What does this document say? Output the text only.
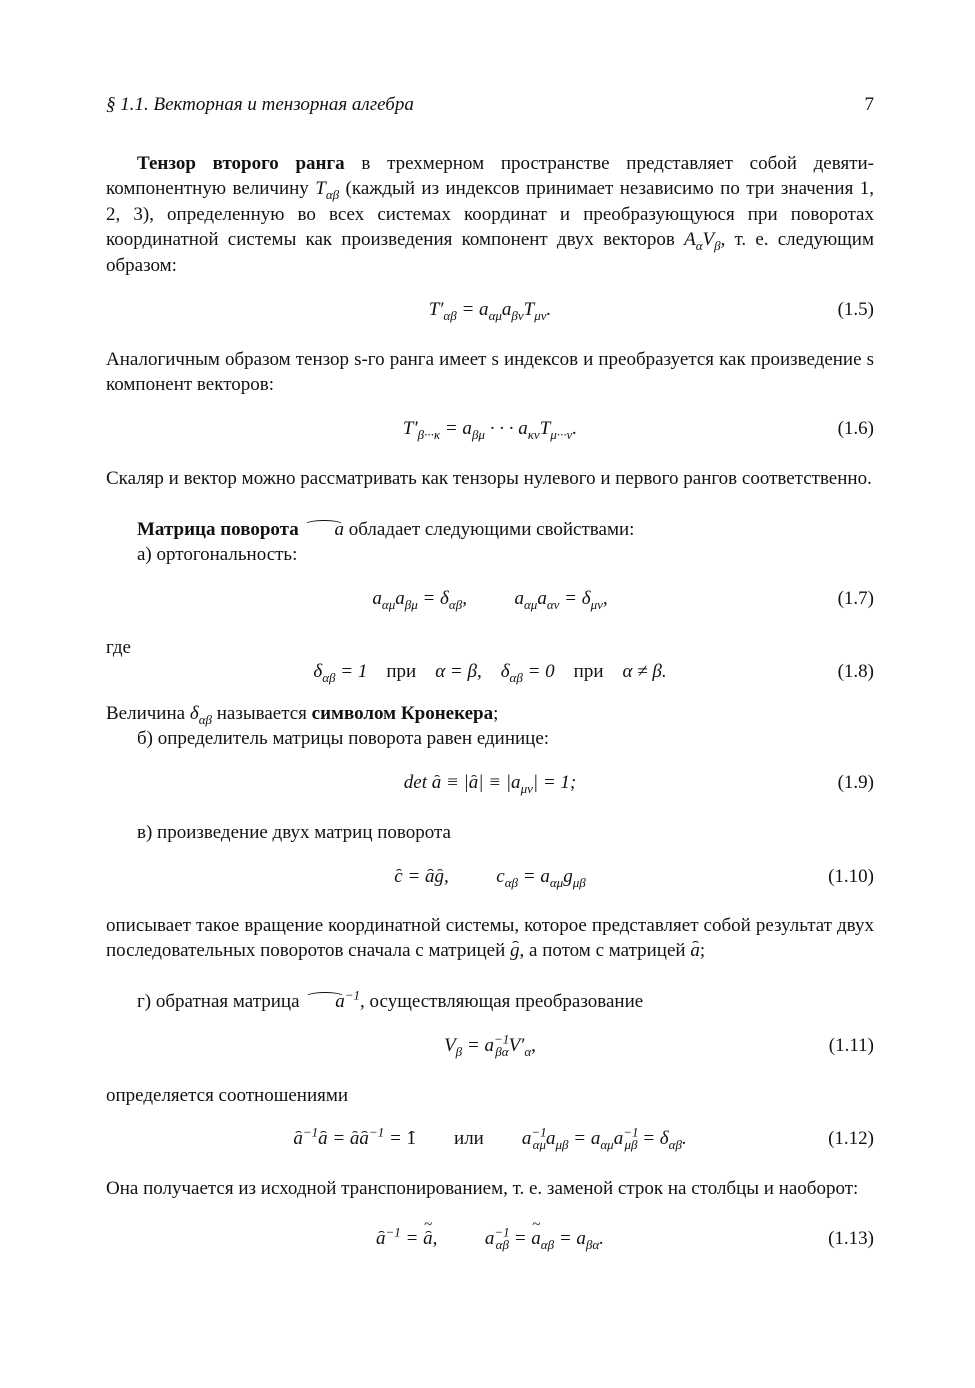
§ 1.1. Векторная и тензорная алгебра	7
Тензор второго ранга в трехмерном пространстве представляет собой девяти-компонентную величину $T_{\alpha\beta}$ (каждый из индексов принимает независимо по три значения 1, 2, 3), определенную во всех системах координат и преобразующуюся при поворотах координатной системы как произведения компонент двух векторов $A_\alpha V_\beta$, т. е. следующим образом:
$T'_{\alpha\beta} = a_{\alpha\mu}a_{\beta\nu}T_{\mu\nu}$.	(1.5)
Аналогичным образом тензор s-го ранга имеет s индексов и преобразуется как произведение s компонент векторов:
$T'_{\beta\cdot\cdot\cdot\kappa} = a_{\beta\mu}$ · · · $a_{\kappa\nu}T_{\mu\cdot\cdot\cdot\nu}$.	(1.6)
Скаляр и вектор можно рассматривать как тензоры нулевого и первого рангов соответственно.
Матрица поворота a обладает следующими свойствами:
а) ортогональность:
$a_{\alpha\mu}a_{\beta\mu} = \delta_{\alpha\beta}$,          $a_{\alpha\mu}a_{\alpha\nu} = \delta_{\mu\nu}$,	(1.7)
где
$\delta_{\alpha\beta} = 1$    при    α = β,    $\delta_{\alpha\beta} = 0$    при    α ≠ β.	(1.8)
Величина $\delta_{\alpha\beta}$ называется символом Кронекера;
б) определитель матрицы поворота равен единице:
$\det a \equiv |a| \equiv |a_{\mu\nu}| = 1$;	(1.9)
в) произведение двух матриц поворота
c = ag,          $c_{\alpha\beta} = a_{\alpha\mu}g_{\mu\beta}$	(1.10)
описывает такое вращение координатной системы, которое представляет собой результат двух последовательных поворотов сначала с матрицей g, а потом с матрицей a;
г) обратная матрица $a^{-1}$, осуществляющая преобразование
$V_\beta = a^{-1}_{\beta\alpha}V'_\alpha$,	(1.11)
определяется соотношениями
$a^{-1}a = aa^{-1} = 1$ или        $a^{-1}_{\alpha\mu}a_{\mu\beta} = a_{\alpha\mu}a^{-1}_{\mu\beta} = \delta_{\alpha\beta}$.	(1.12)
Она получается из исходной транспонированием, т. е. заменой строк на столбцы и наоборот:
$a^{-1}$ = ~ a,          $a^{-1}_{\alpha\beta}$ = ~ $a_{\alpha\beta} = a_{\beta\alpha}$.	(1.13)
